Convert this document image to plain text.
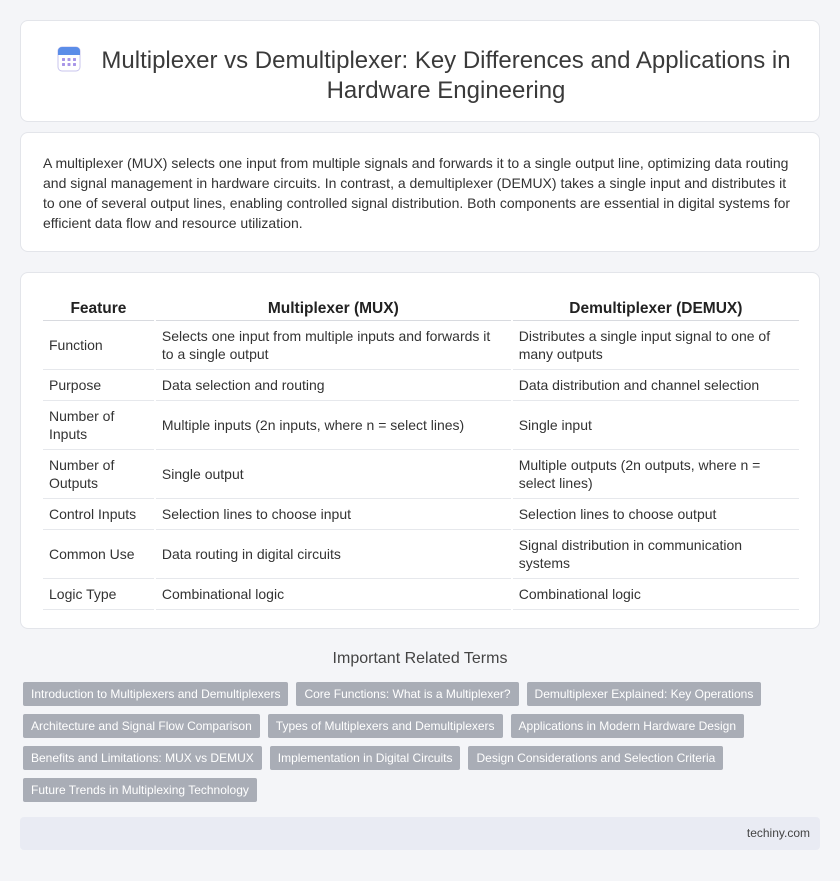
Multiplexer vs Demultiplexer: Key Differences and Applications in Hardware Engineering

A multiplexer (MUX) selects one input from multiple signals and forwards it to a single output line, optimizing data routing and signal management in hardware circuits. In contrast, a demultiplexer (DEMUX) takes a single input and distributes it to one of several output lines, enabling controlled signal distribution. Both components are essential in digital systems for efficient data flow and resource utilization.

Feature		Multiplexer (MUX)		Demultiplexer (DEMUX)
Function		Selects one input from multiple inputs and forwards it to a single output		Distributes a single input signal to one of many outputs
Purpose		Data selection and routing		Data distribution and channel selection
Number of Inputs		Multiple inputs (2n inputs, where n = select lines)		Single input
Number of Outputs		Single output		Multiple outputs (2n outputs, where n = select lines)
Control Inputs		Selection lines to choose input		Selection lines to choose output
Common Use		Data routing in digital circuits		Signal distribution in communication systems
Logic Type		Combinational logic		Combinational logic
Important Related Terms
Introduction to Multiplexers and Demultiplexers	Core Functions: What is a Multiplexer?	Demultiplexer Explained: Key Operations
Architecture and Signal Flow Comparison	Types of Multiplexers and Demultiplexers	Applications in Modern Hardware Design
Benefits and Limitations: MUX vs DEMUX	Implementation in Digital Circuits	Design Considerations and Selection Criteria
Future Trends in Multiplexing Technology
techiny.com
